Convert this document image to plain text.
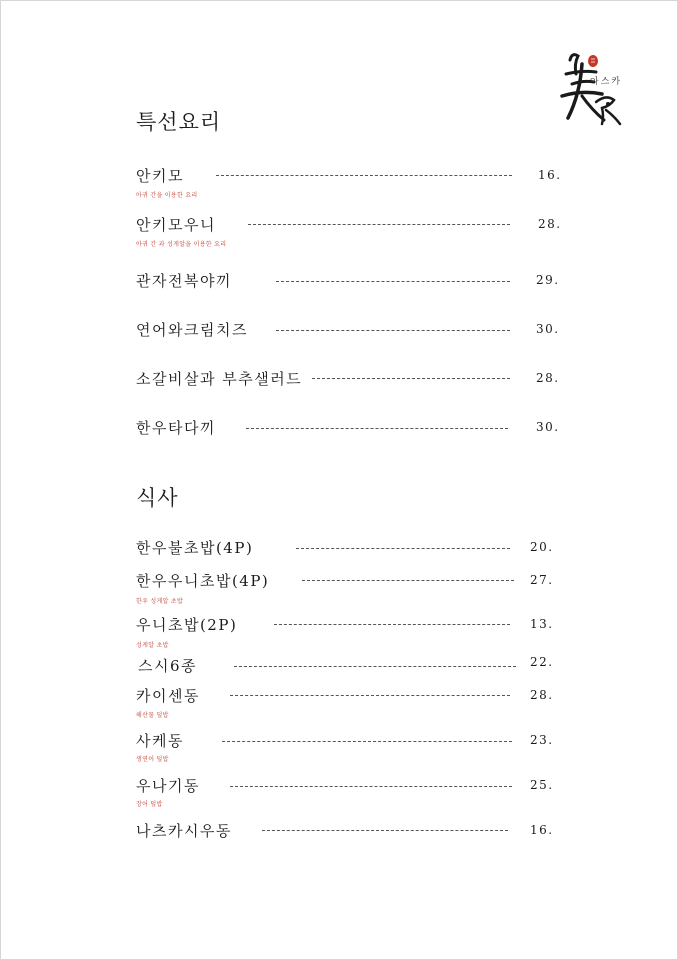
아스카
특선요리
안키모	16.
아귀 간을 이용한 요리
안키모우니	28.
아귀 간 과 성게알을 이용한 요리
관자전복야끼	29.
연어와크림치즈	30.
소갈비살과 부추샐러드	28.
한우타다끼	30.
식사
한우불초밥(4P)	20.
한우우니초밥(4P)	27.
한우 성게알 초밥
우니초밥(2P)	13.
성게알 초밥
스시6종	22.
카이센동	28.
해산물 덮밥
사케동	23.
생연어 덮밥
우나기동	25.
장어 덮밥
나츠카시우동	16.
